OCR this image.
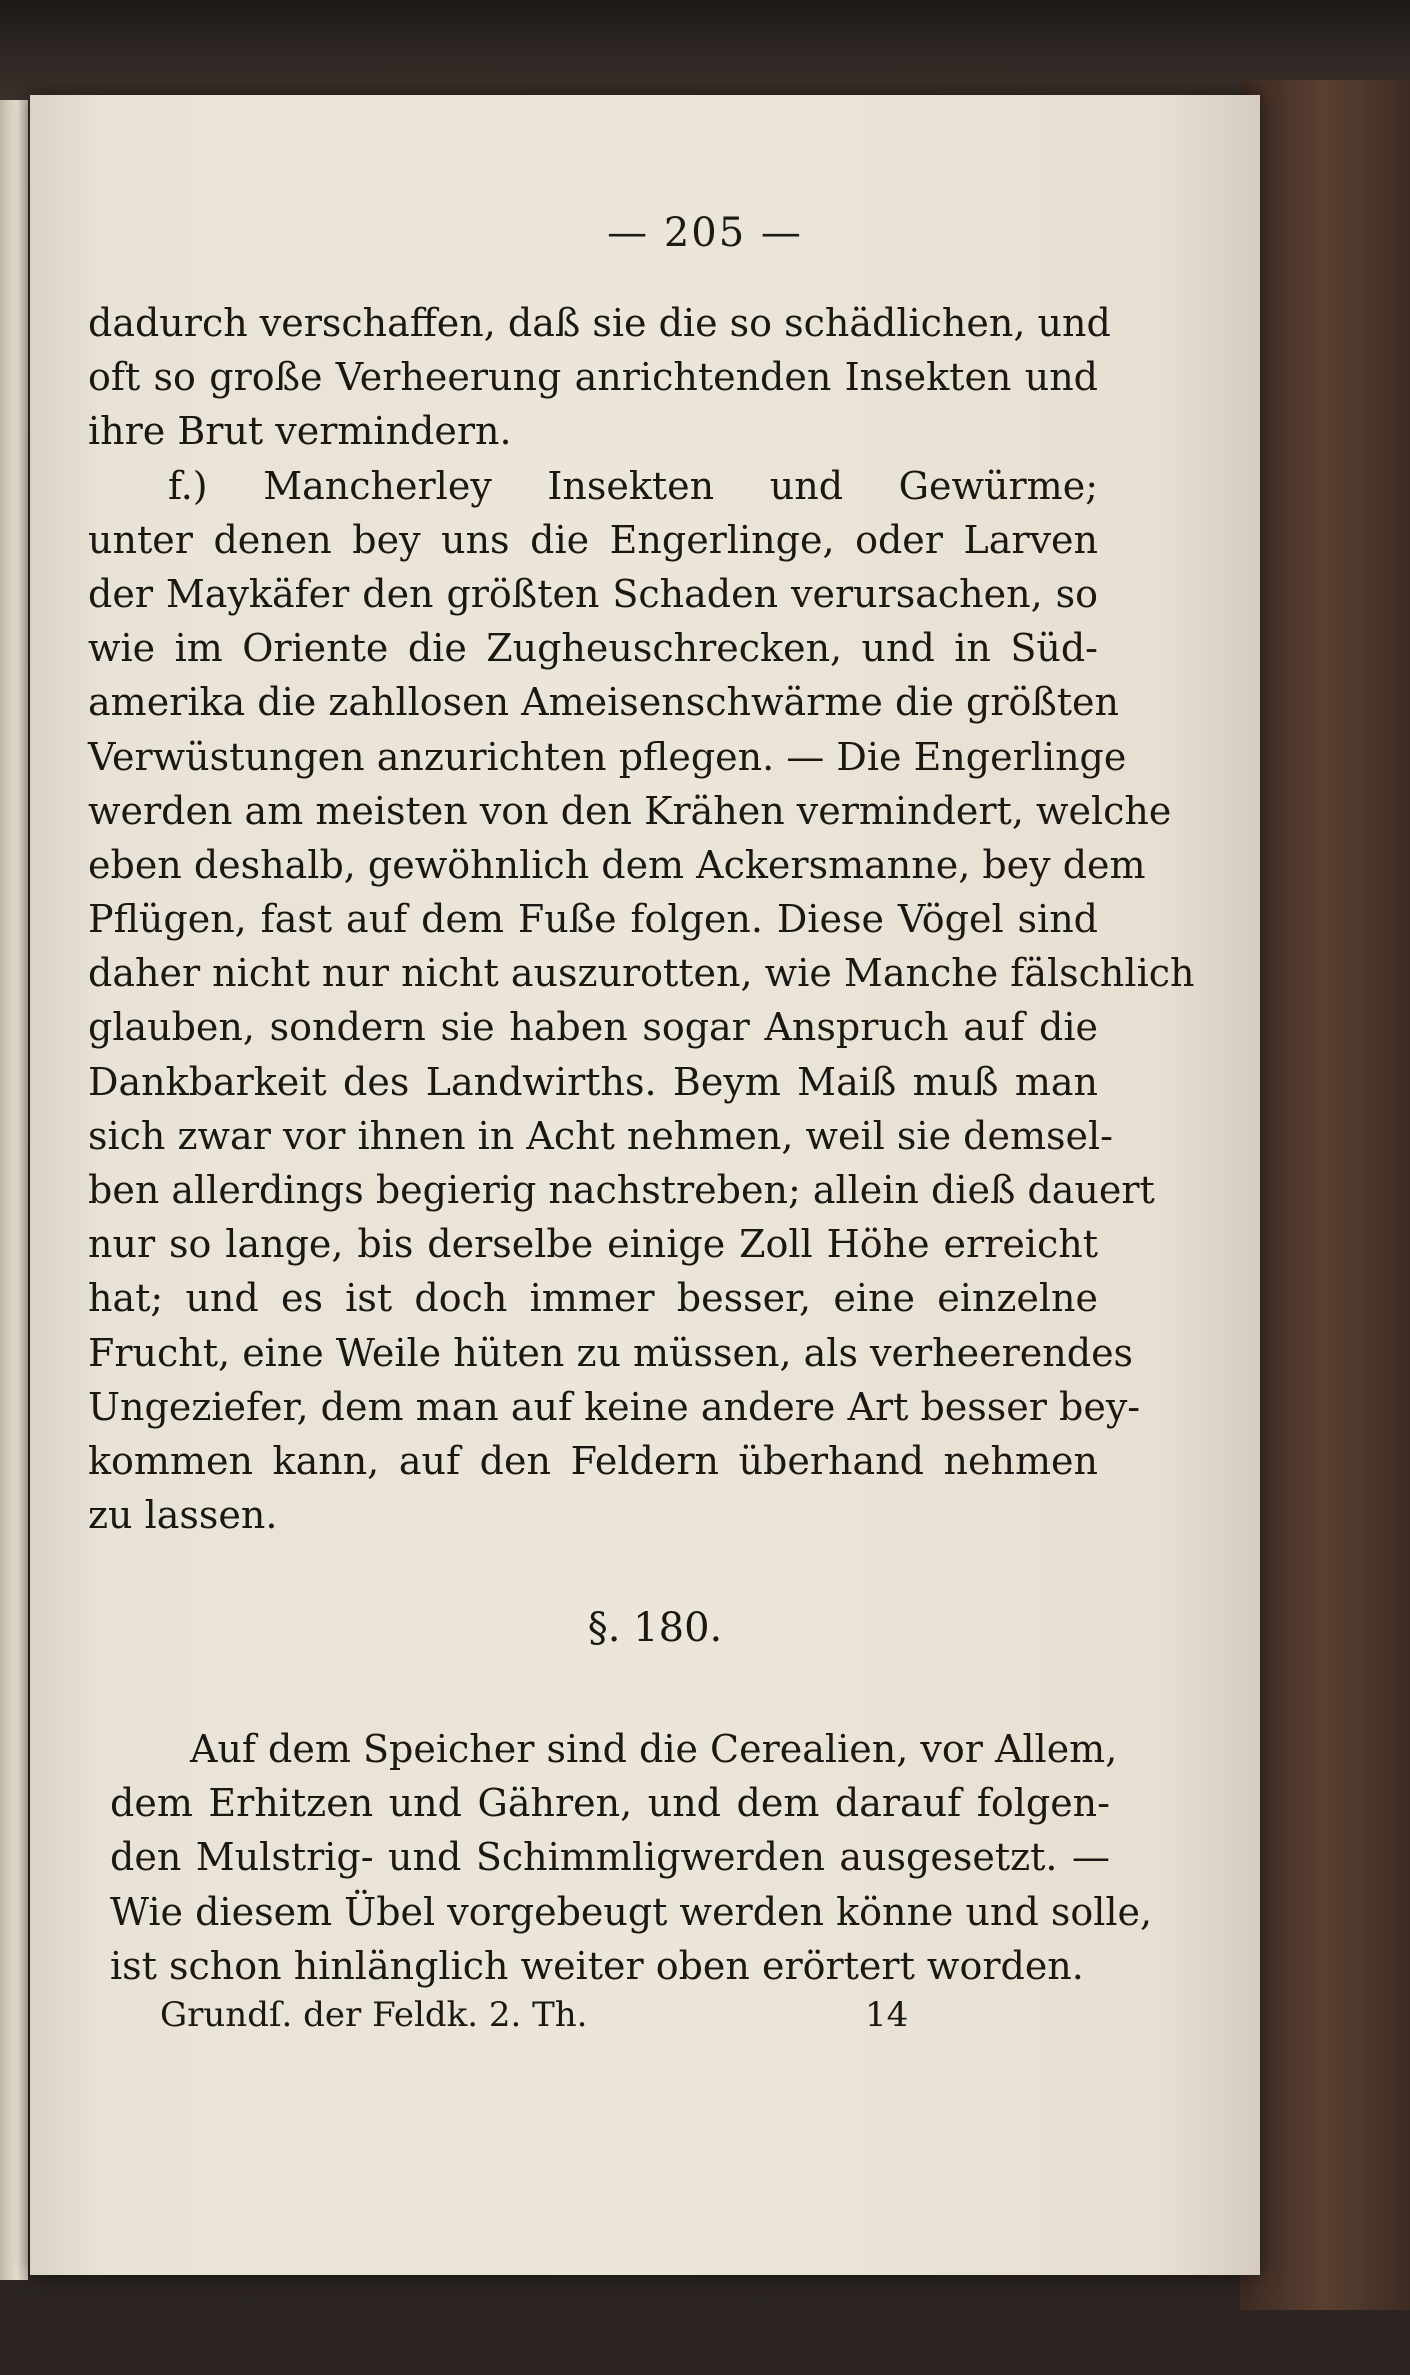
— 205 —
dadurch verschaffen, daß sie die so schädlichen, und
oft so große Verheerung anrichtenden Insekten und
ihre Brut vermindern.
f.) Mancherley Insekten und Gewürme;
unter denen bey uns die Engerlinge, oder Larven
der Maykäfer den größten Schaden verursachen, so
wie im Oriente die Zugheuschrecken, und in Süd-
amerika die zahllosen Ameisenschwärme die größten
Verwüstungen anzurichten pflegen. — Die Engerlinge
werden am meisten von den Krähen vermindert, welche
eben deshalb, gewöhnlich dem Ackersmanne, bey dem
Pflügen, fast auf dem Fuße folgen. Diese Vögel sind
daher nicht nur nicht auszurotten, wie Manche fälschlich
glauben, sondern sie haben sogar Anspruch auf die
Dankbarkeit des Landwirths. Beym Maiß muß man
sich zwar vor ihnen in Acht nehmen, weil sie demsel-
ben allerdings begierig nachstreben; allein dieß dauert
nur so lange, bis derselbe einige Zoll Höhe erreicht
hat; und es ist doch immer besser, eine einzelne
Frucht, eine Weile hüten zu müssen, als verheerendes
Ungeziefer, dem man auf keine andere Art besser bey-
kommen kann, auf den Feldern überhand nehmen
zu lassen.
§. 180.
Auf dem Speicher sind die Cerealien, vor Allem,
dem Erhitzen und Gähren, und dem darauf folgen-
den Mulstrig- und Schimmligwerden ausgesetzt. —
Wie diesem Übel vorgebeugt werden könne und solle,
ist schon hinlänglich weiter oben erörtert worden.
Grundſ. der Feldk. 2. Th.	14
